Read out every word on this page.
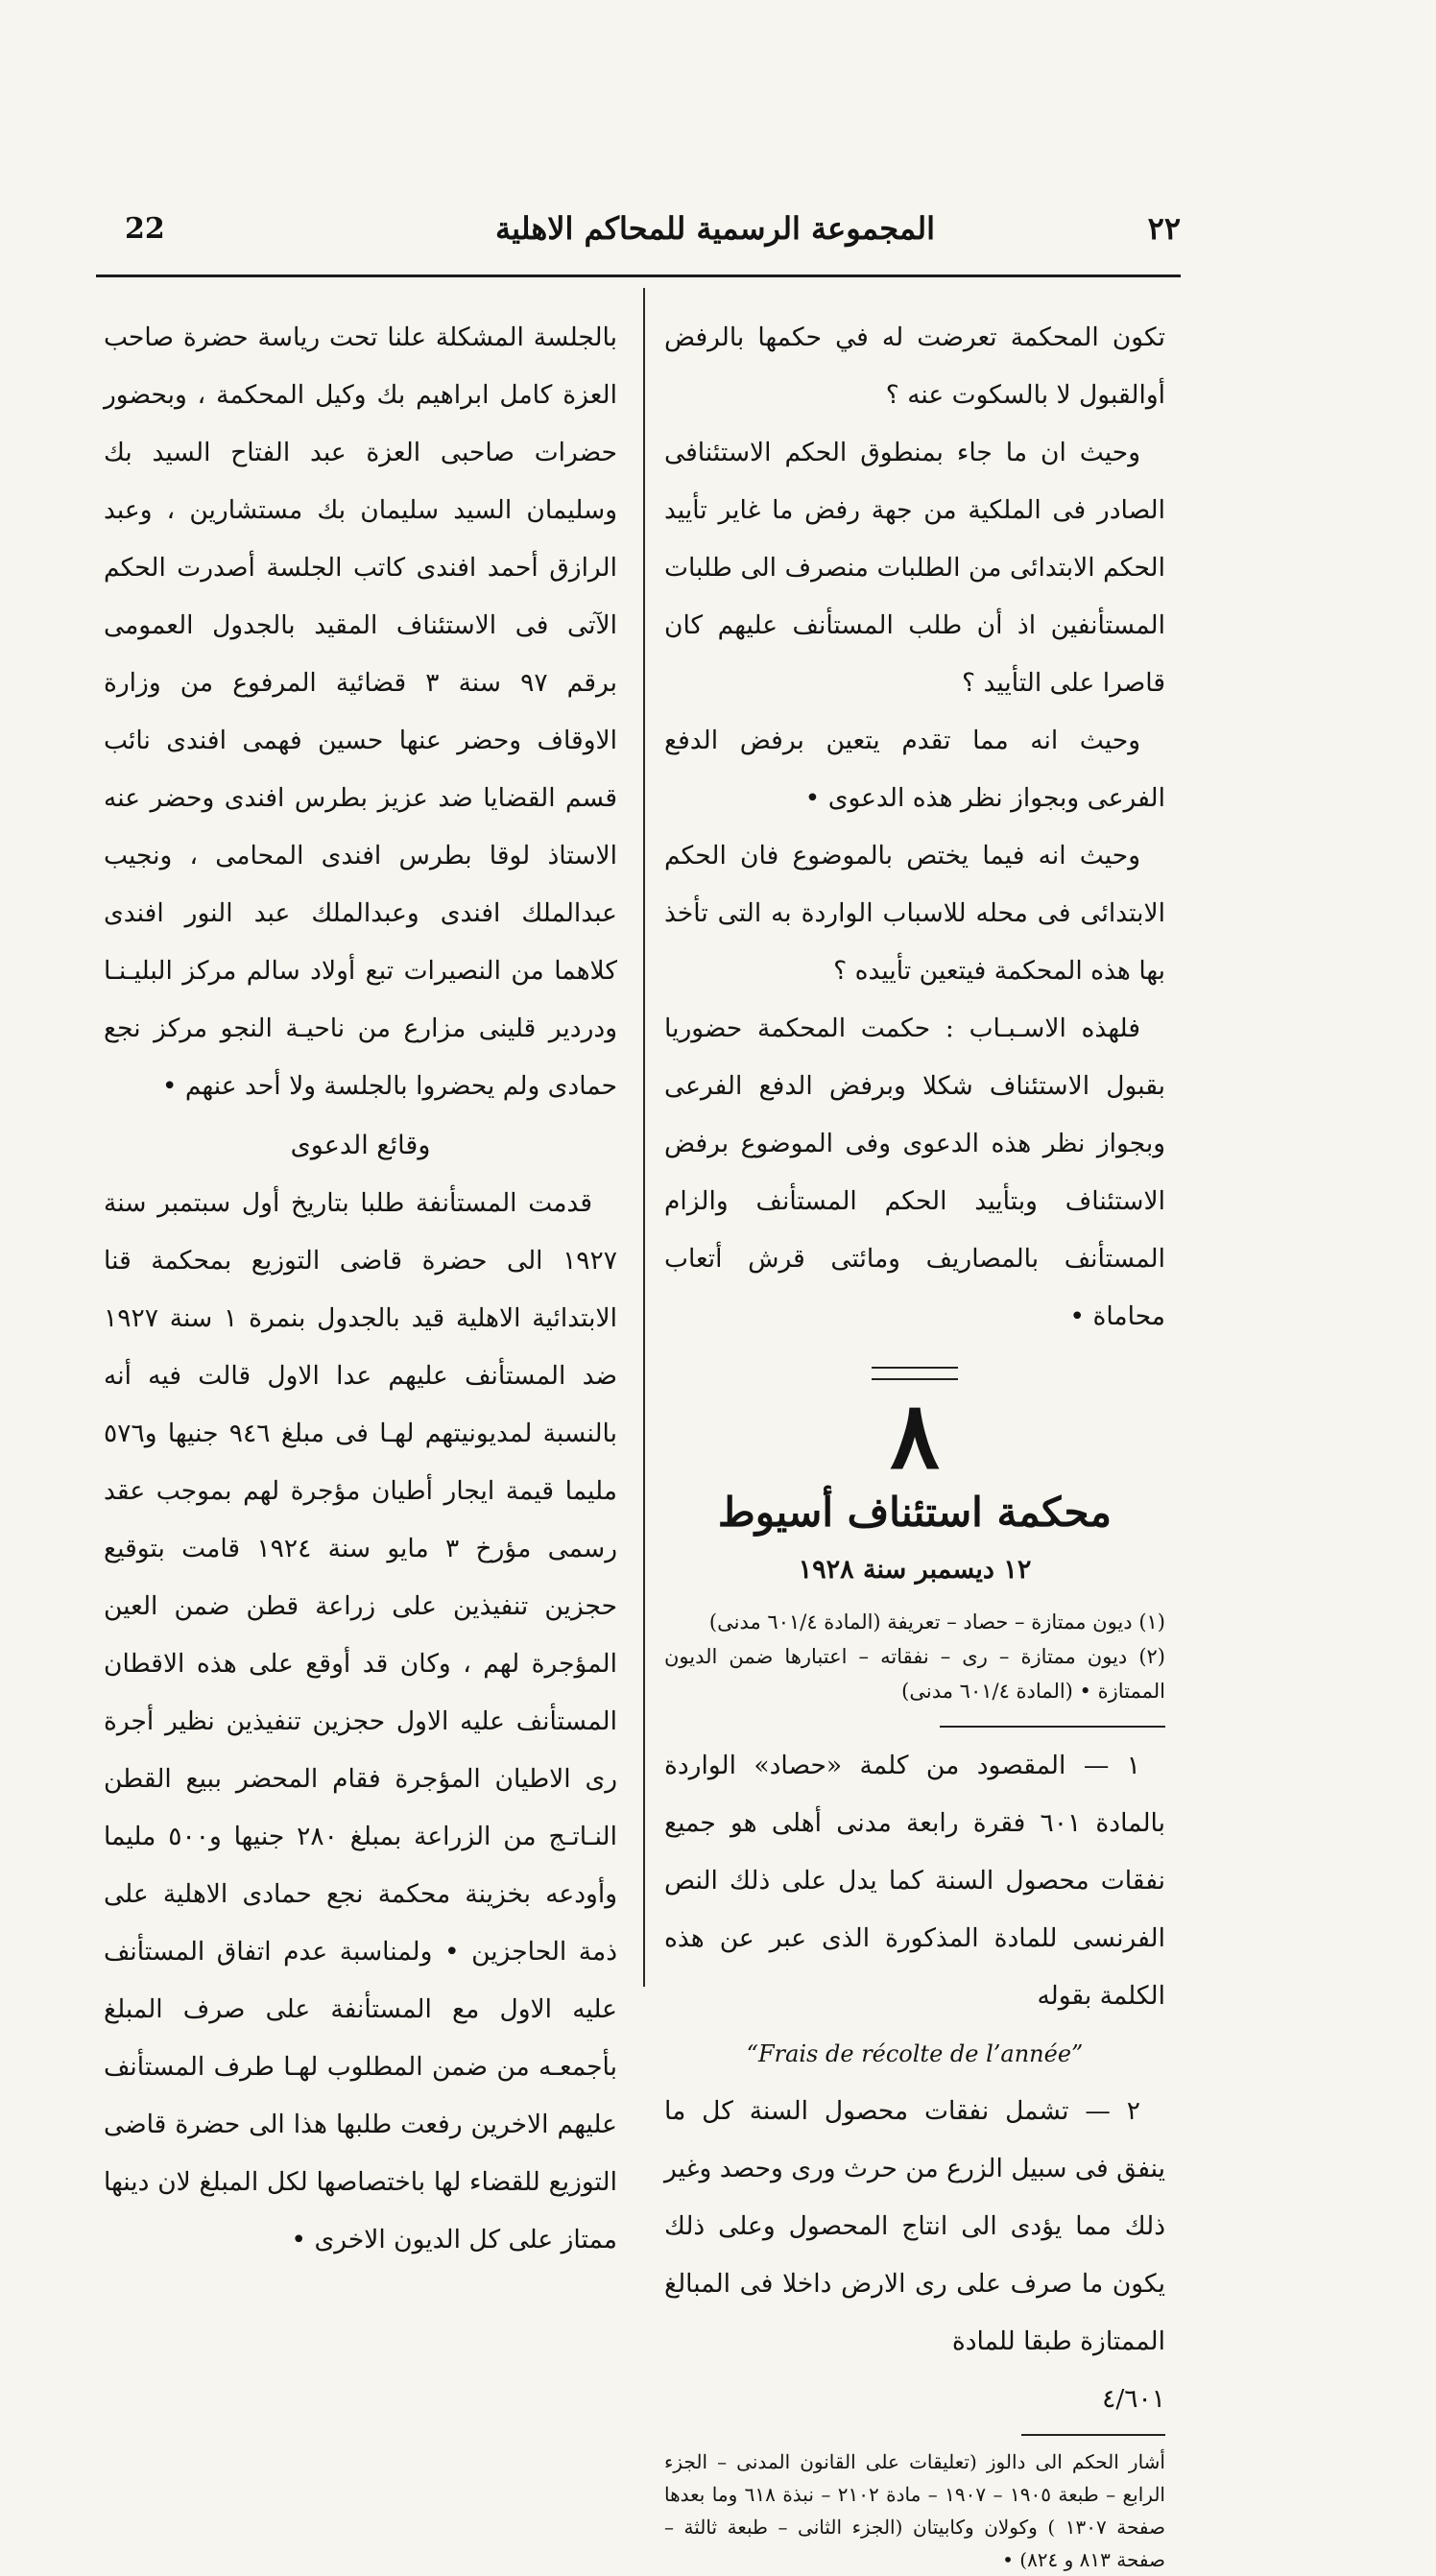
22	المجموعة الرسمية للمحاكم الاهلية	٢٢

تكون المحكمة تعرضت له في حكمها بالرفض أوالقبول لا بالسكوت عنه ؟

وحيث ان ما جاء بمنطوق الحكم الاستئنافى الصادر فى الملكية من جهة رفض ما غاير تأييد الحكم الابتدائى من الطلبات منصرف الى طلبات المستأنفين اذ أن طلب المستأنف عليهم كان قاصرا على التأييد ؟

وحيث انه مما تقدم يتعين برفض الدفع الفرعى وبجواز نظر هذه الدعوى •

وحيث انه فيما يختص بالموضوع فان الحكم الابتدائى فى محله للاسباب الواردة به التى تأخذ بها هذه المحكمة فيتعين تأييده ؟

فلهذه الاسـبـاب : حكمت المحكمة حضوريا بقبول الاستئناف شكلا وبرفض الدفع الفرعى وبجواز نظر هذه الدعوى وفى الموضوع برفض الاستئناف وبتأييد الحكم المستأنف والزام المستأنف بالمصاريف ومائتى قرش أتعاب محاماة •

٨
محكمة استئناف أسيوط
١٢ ديسمبر سنة ١٩٢٨
(١) ديون ممتازة – حصاد – تعريفة (المادة ٦٠١/٤ مدنى)
(٢) ديون ممتازة – رى – نفقاته – اعتبارها ضمن الديون الممتازة • (المادة ٦٠١/٤ مدنى)

١ — المقصود من كلمة «حصاد» الواردة بالمادة ٦٠١ فقرة رابعة مدنى أهلى هو جميع نفقات محصول السنة كما يدل على ذلك النص الفرنسى للمادة المذكورة الذى عبر عن هذه الكلمة بقوله

“Frais de récolte de l’année”

٢ — تشمل نفقات محصول السنة كل ما ينفق فى سبيل الزرع من حرث ورى وحصد وغير ذلك مما يؤدى الى انتاج المحصول وعلى ذلك يكون ما صرف على رى الارض داخلا فى المبالغ الممتازة طبقا للمادة

٤/٦٠١

أشار الحكم الى دالوز (تعليقات على القانون المدنى – الجزء الرابع – طبعة ١٩٠٥ – ١٩٠٧ – مادة ٢١٠٢ – نبذة ٦١٨ وما بعدها صفحة ١٣٠٧ ) وكولان وكابيتان (الجزء الثانى – طبعة ثالثة – صفحة ٨١٣ و ٨٢٤) •

بالجلسة المشكلة علنا تحت رياسة حضرة صاحب العزة كامل ابراهيم بك وكيل المحكمة ، وبحضور حضرات صاحبى العزة عبد الفتاح السيد بك وسليمان السيد سليمان بك مستشارين ، وعبد الرازق أحمد افندى كاتب الجلسة أصدرت الحكم الآتى فى الاستئناف المقيد بالجدول العمومى برقم ٩٧ سنة ٣ قضائية المرفوع من وزارة الاوقاف وحضر عنها حسين فهمى افندى نائب قسم القضايا ضد عزيز بطرس افندى وحضر عنه الاستاذ لوقا بطرس افندى المحامى ، ونجيب عبدالملك افندى وعبدالملك عبد النور افندى كلاهما من النصيرات تبع أولاد سالم مركز البليـنـا ودردير قلينى مزارع من ناحيـة النجو مركز نجع حمادى ولم يحضروا بالجلسة ولا أحد عنهم •

وقائع الدعوى

قدمت المستأنفة طلبا بتاريخ أول سبتمبر سنة ١٩٢٧ الى حضرة قاضى التوزيع بمحكمة قنا الابتدائية الاهلية قيد بالجدول بنمرة ١ سنة ١٩٢٧ ضد المستأنف عليهم عدا الاول قالت فيه أنه بالنسبة لمديونيتهم لهـا فى مبلغ ٩٤٦ جنيها و٥٧٦ مليما قيمة ايجار أطيان مؤجرة لهم بموجب عقد رسمى مؤرخ ٣ مايو سنة ١٩٢٤ قامت بتوقيع حجزين تنفيذين على زراعة قطن ضمن العين المؤجرة لهم ، وكان قد أوقع على هذه الاقطان المستأنف عليه الاول حجزين تنفيذين نظير أجرة رى الاطيان المؤجرة فقام المحضر ببيع القطن النـاتـج من الزراعة بمبلغ ٢٨٠ جنيها و٥٠٠ مليما وأودعه بخزينة محكمة نجع حمادى الاهلية على ذمة الحاجزين • ولمناسبة عدم اتفاق المستأنف عليه الاول مع المستأنفة على صرف المبلغ بأجمعـه من ضمن المطلوب لهـا طرف المستأنف عليهم الاخرين رفعت طلبها هذا الى حضرة قاضى التوزيع للقضاء لها باختصاصها لكل المبلغ لان دينها ممتاز على كل الديون الاخرى •
